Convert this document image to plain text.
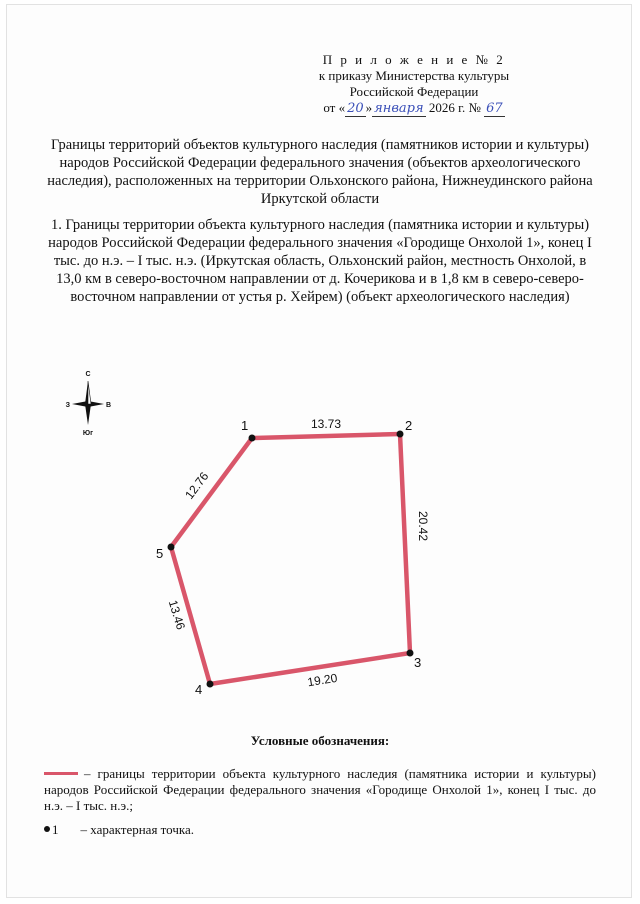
П р и л о ж е н и е № 2
к приказу Министерства культуры
Российской Федерации
от « 20 » января 2026 г. № 67
Границы территорий объектов культурного наследия (памятников истории и культуры) народов Российской Федерации федерального значения (объектов археологического наследия), расположенных на территории Ольхонского района, Нижнеудинского района Иркутской области
1. Границы территории объекта культурного наследия (памятника истории и культуры) народов Российской Федерации федерального значения «Городище Онхолой 1», конец I тыс. до н.э. – I тыс. н.э. (Иркутская область, Ольхонский район, местность Онхолой, в 13,0 км в северо-восточном направлении от д. Кочерикова и в 1,8 км в северо-северо-восточном направлении от устья р. Хейрем) (объект археологического наследия)
С
Юг
З	В
13.73
20.42
19.20
13.46
12.76
1	2
3
4
5
Условные обозначения:
– границы территории объекта культурного наследия (памятника истории и культуры) народов Российской Федерации федерального значения «Городище Онхолой 1», конец I тыс. до н.э. – I тыс. н.э.;
1 – характерная точка.
